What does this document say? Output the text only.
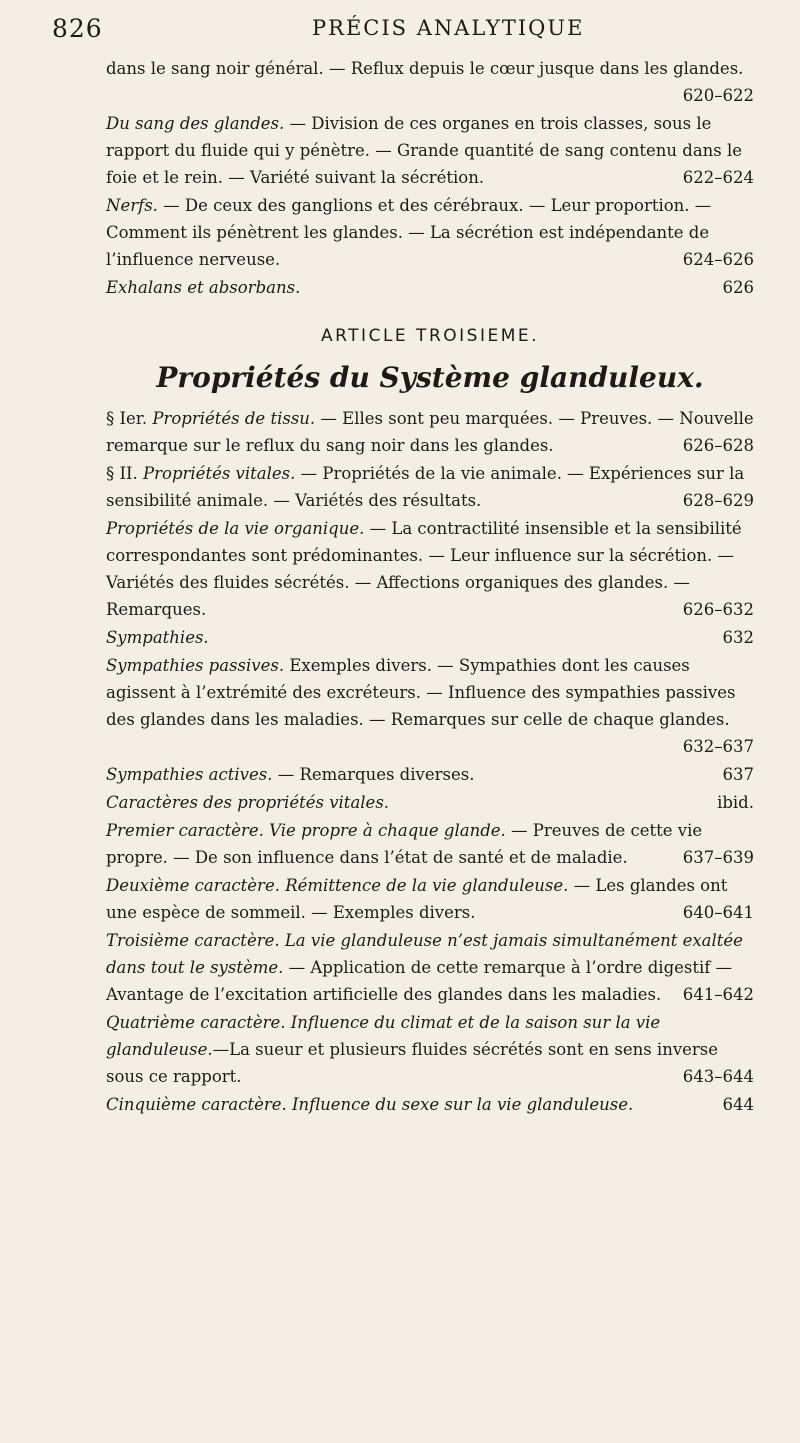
826	PRÉCIS ANALYTIQUE
dans le sang noir général. — Reflux depuis le cœur jusque dans les glandes.
620–622
Du sang des glandes. — Division de ces organes en trois classes, sous le rapport du fluide qui y pénètre. — Grande quantité de sang contenu dans le foie et le rein. — Variété suivant la sécrétion.	622–624
Nerfs. — De ceux des ganglions et des cérébraux. — Leur proportion. — Comment ils pénètrent les glandes. — La sécrétion est indépendante de l’influence nerveuse.	624–626
Exhalans et absorbans.	626
ARTICLE TROISIEME.
Propriétés du Système glanduleux.
§ Ier. Propriétés de tissu. — Elles sont peu marquées. — Preuves. — Nouvelle remarque sur le reflux du sang noir dans les glandes.	626–628
§ II. Propriétés vitales. — Propriétés de la vie animale. — Expériences sur la sensibilité animale. — Variétés des résultats.	628–629
Propriétés de la vie organique. — La contractilité insensible et la sensibilité correspondantes sont prédominantes. — Leur influence sur la sécrétion. — Variétés des fluides sécrétés. — Affections organiques des glandes. — Remarques.	626–632
Sympathies.	632
Sympathies passives. Exemples divers. — Sympathies dont les causes agissent à l’extrémité des excréteurs. — Influence des sympathies passives des glandes dans les maladies. — Remarques sur celle de chaque glandes.
632–637
Sympathies actives. — Remarques diverses.	637
Caractères des propriétés vitales.	ibid.
Premier caractère. Vie propre à chaque glande. — Preuves de cette vie propre. — De son influence dans l’état de santé et de maladie.	637–639
Deuxième caractère. Rémittence de la vie glanduleuse. — Les glandes ont une espèce de sommeil. — Exemples divers.	640–641
Troisième caractère. La vie glanduleuse n’est jamais simultanément exaltée dans tout le système. — Application de cette remarque à l’ordre digestif — Avantage de l’excitation artificielle des glandes dans les maladies. 641–642
Quatrième caractère. Influence du climat et de la saison sur la vie glanduleuse.—La sueur et plusieurs fluides sécrétés sont en sens inverse sous ce rapport.	643–644
Cinquième caractère. Influence du sexe sur la vie glanduleuse.	644
